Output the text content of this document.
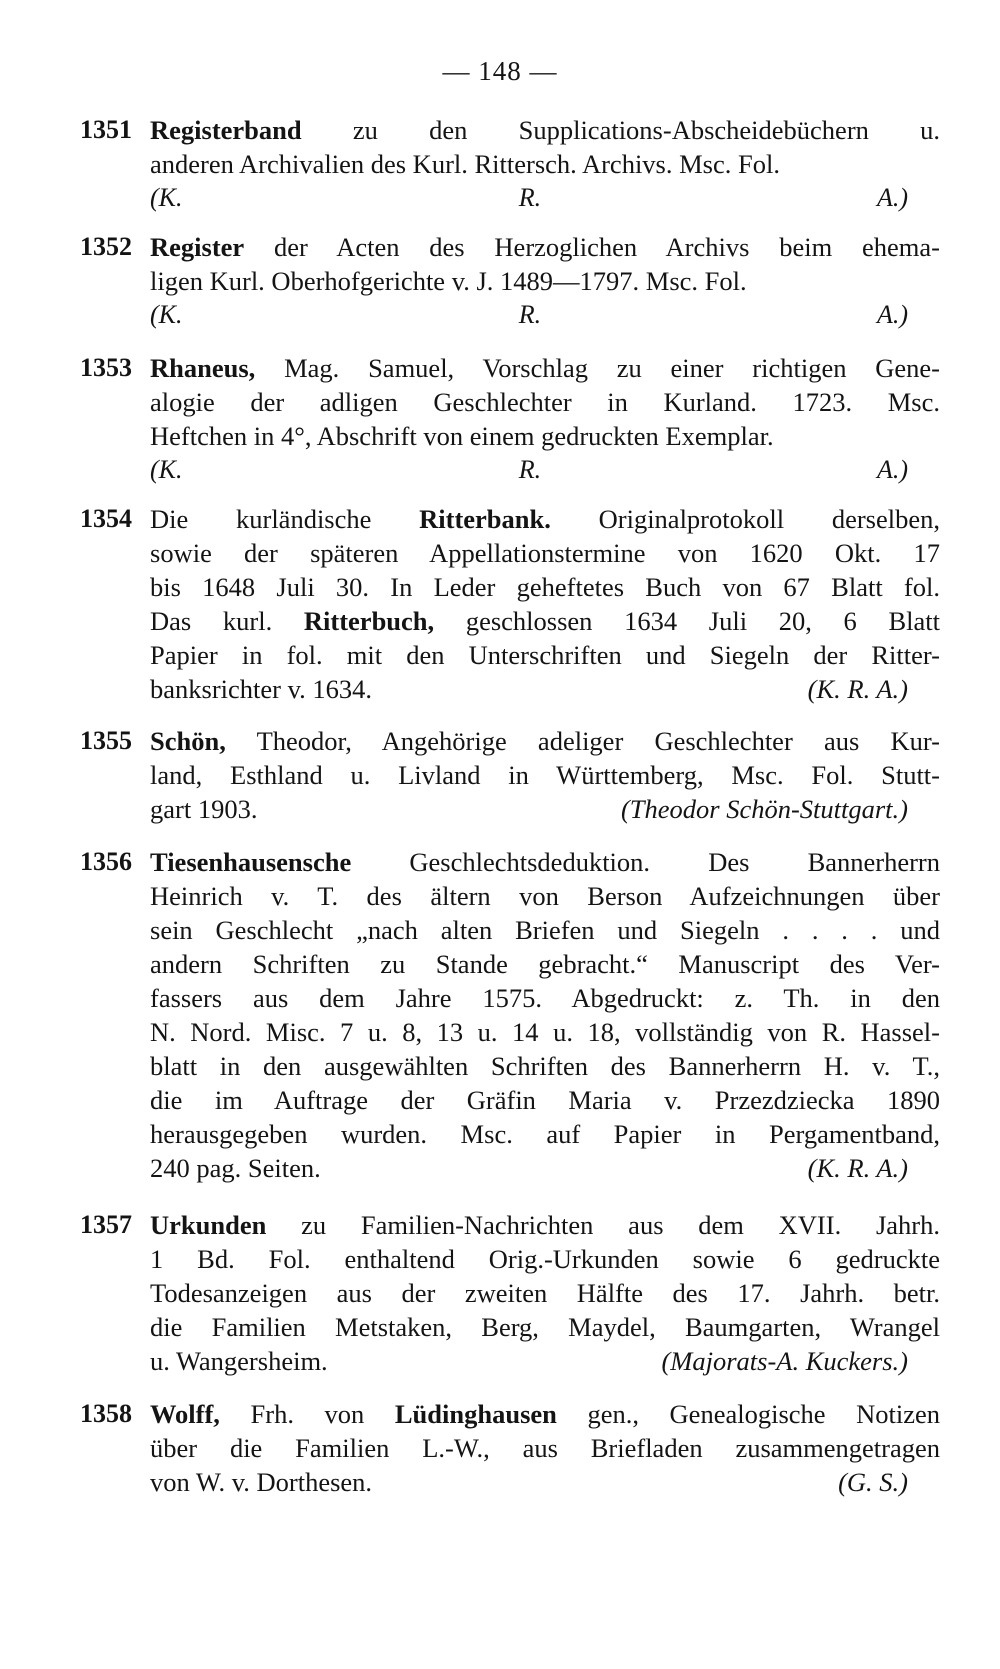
— 148 —
1351 Registerband zu den Supplications-Abscheidebüchern u.
anderen Archivalien des Kurl. Rittersch. Archivs. Msc. Fol.
(K. R. A.)
1352 Register der Acten des Herzoglichen Archivs beim ehema-
ligen Kurl. Oberhofgerichte v. J. 1489—1797. Msc. Fol.
(K. R. A.)
1353 Rhaneus, Mag. Samuel, Vorschlag zu einer richtigen Gene-
alogie der adligen Geschlechter in Kurland. 1723. Msc.
Heftchen in 4°, Abschrift von einem gedruckten Exemplar.
(K. R. A.)
1354 Die kurländische Ritterbank. Originalprotokoll derselben,
sowie der späteren Appellationstermine von 1620 Okt. 17
bis 1648 Juli 30. In Leder geheftetes Buch von 67 Blatt fol.
Das kurl. Ritterbuch, geschlossen 1634 Juli 20, 6 Blatt
Papier in fol. mit den Unterschriften und Siegeln der Ritter-
banksrichter v. 1634.	(K. R. A.)
1355 Schön, Theodor, Angehörige adeliger Geschlechter aus Kur-
land, Esthland u. Livland in Württemberg, Msc. Fol. Stutt-
gart 1903.	(Theodor Schön-Stuttgart.)
1356 Tiesenhausensche Geschlechtsdeduktion. Des Bannerherrn
Heinrich v. T. des ältern von Berson Aufzeichnungen über
sein Geschlecht „nach alten Briefen und Siegeln . . . . und
andern Schriften zu Stande gebracht.“ Manuscript des Ver-
fassers aus dem Jahre 1575. Abgedruckt: z. Th. in den
N. Nord. Misc. 7 u. 8, 13 u. 14 u. 18, vollständig von R. Hassel-
blatt in den ausgewählten Schriften des Bannerherrn H. v. T.,
die im Auftrage der Gräfin Maria v. Przezdziecka 1890
herausgegeben wurden. Msc. auf Papier in Pergamentband,
240 pag. Seiten.	(K. R. A.)
1357 Urkunden zu Familien-Nachrichten aus dem XVII. Jahrh.
1 Bd. Fol. enthaltend Orig.-Urkunden sowie 6 gedruckte
Todesanzeigen aus der zweiten Hälfte des 17. Jahrh. betr.
die Familien Metstaken, Berg, Maydel, Baumgarten, Wrangel
u. Wangersheim.	(Majorats-A. Kuckers.)
1358 Wolff, Frh. von Lüdinghausen gen., Genealogische Notizen
über die Familien L.-W., aus Briefladen zusammengetragen
von W. v. Dorthesen.	(G. S.)
